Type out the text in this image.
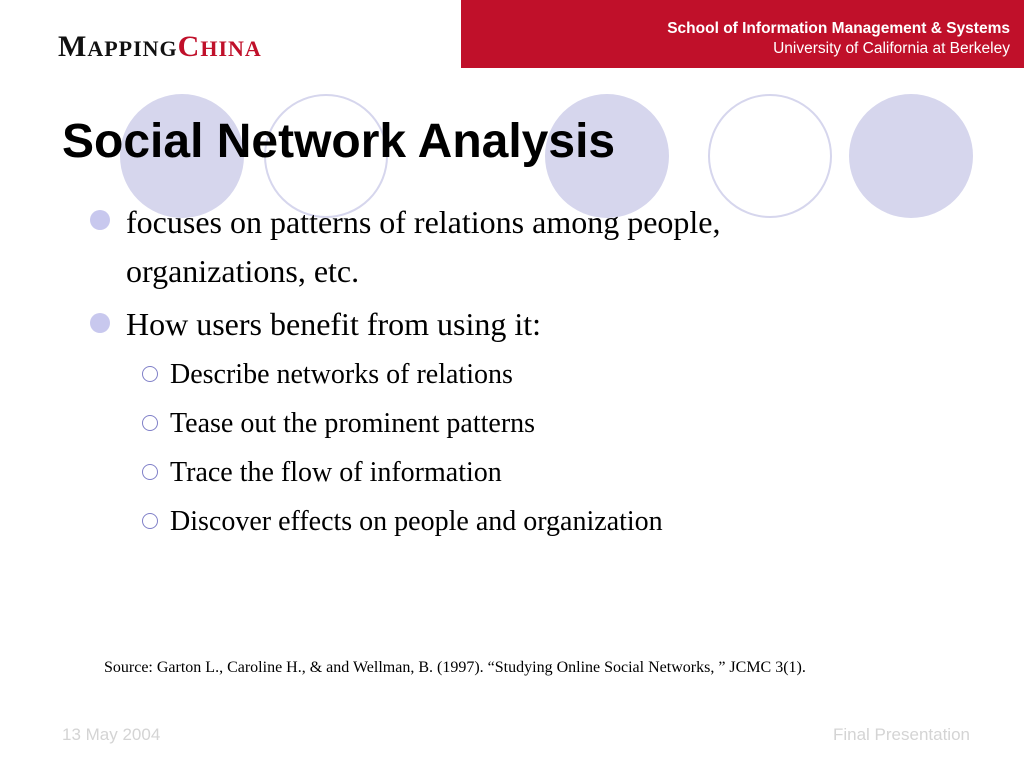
MAPPINGCHINA
School of Information Management & Systems
University of California at Berkeley
Social Network Analysis
focuses on patterns of relations among people, organizations, etc.
How users benefit from using it:
Describe networks of relations
Tease out the prominent patterns
Trace the flow of information
Discover effects on people and organization
Source: Garton L., Caroline H., & and Wellman, B. (1997). “Studying Online Social Networks, ” JCMC 3(1).
13 May 2004	Final Presentation
